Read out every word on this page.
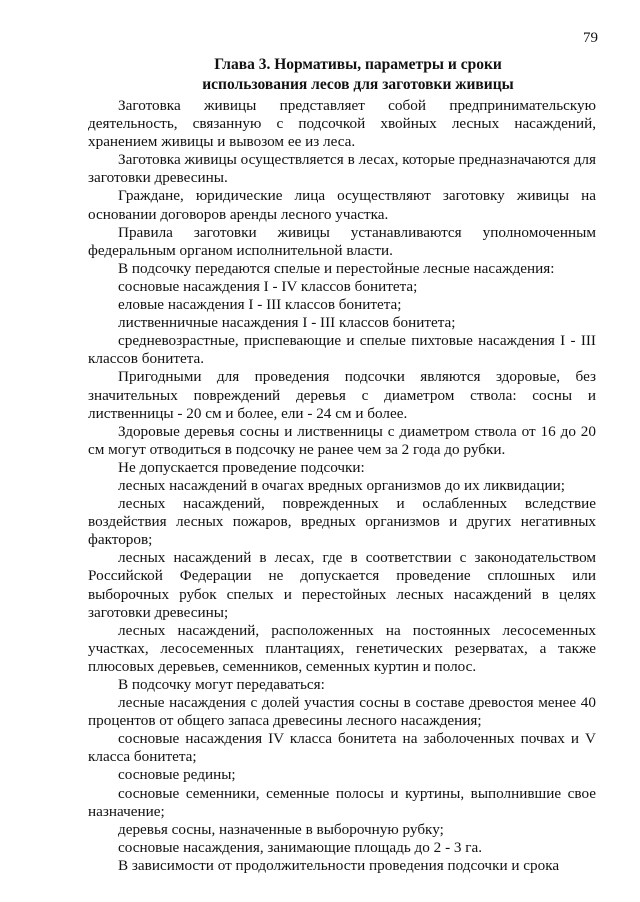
79
Глава 3. Нормативы, параметры и сроки
использования лесов для заготовки живицы

Заготовка живицы представляет собой предпринимательскую деятельность, связанную с подсочкой хвойных лесных насаждений, хранением живицы и вывозом ее из леса.

Заготовка живицы осуществляется в лесах, которые предназначаются для заготовки древесины.

Граждане, юридические лица осуществляют заготовку живицы на основании договоров аренды лесного участка.

Правила заготовки живицы устанавливаются уполномоченным федеральным органом исполнительной власти.

В подсочку передаются спелые и перестойные лесные насаждения:

сосновые насаждения I - IV классов бонитета;

еловые насаждения I - III классов бонитета;

лиственничные насаждения I - III классов бонитета;

средневозрастные, приспевающие и спелые пихтовые насаждения I - III классов бонитета.

Пригодными для проведения подсочки являются здоровые, без значительных повреждений деревья с диаметром ствола: сосны и лиственницы - 20 см и более, ели - 24 см и более.

Здоровые деревья сосны и лиственницы с диаметром ствола от 16 до 20 см могут отводиться в подсочку не ранее чем за 2 года до рубки.

Не допускается проведение подсочки:

лесных насаждений в очагах вредных организмов до их ликвидации;

лесных насаждений, поврежденных и ослабленных вследствие воздействия лесных пожаров, вредных организмов и других негативных факторов;

лесных насаждений в лесах, где в соответствии с законодательством Российской Федерации не допускается проведение сплошных или выборочных рубок спелых и перестойных лесных насаждений в целях заготовки древесины;

лесных насаждений, расположенных на постоянных лесосеменных участках, лесосеменных плантациях, генетических резерватах, а также плюсовых деревьев, семенников, семенных куртин и полос.

В подсочку могут передаваться:

лесные насаждения с долей участия сосны в составе древостоя менее 40 процентов от общего запаса древесины лесного насаждения;

сосновые насаждения IV класса бонитета на заболоченных почвах и V класса бонитета;

сосновые редины;

сосновые семенники, семенные полосы и куртины, выполнившие свое назначение;

деревья сосны, назначенные в выборочную рубку;

сосновые насаждения, занимающие площадь до 2 - 3 га.

В зависимости от продолжительности проведения подсочки и срока
